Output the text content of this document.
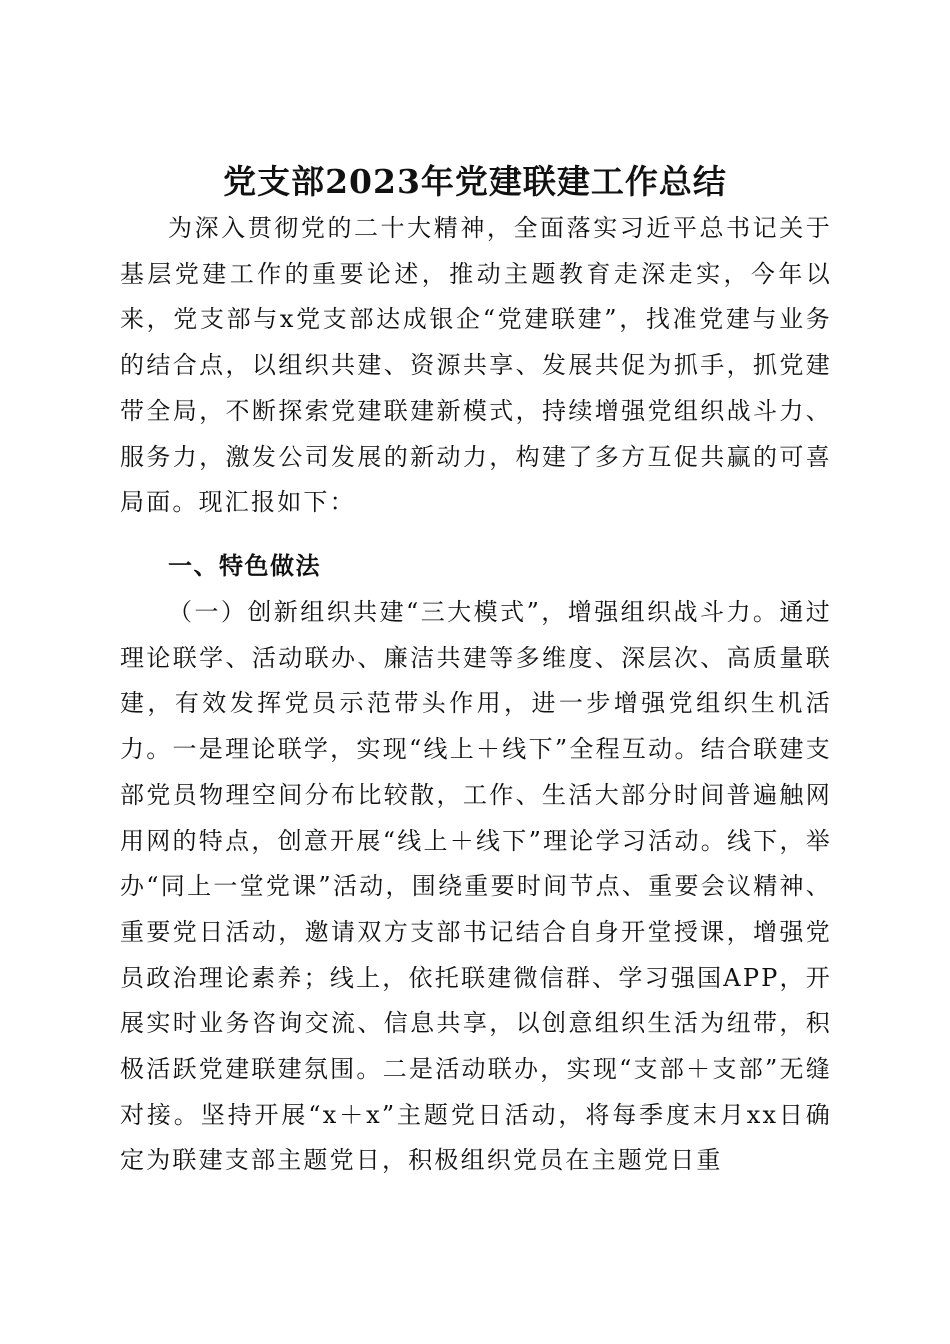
党支部2023年党建联建工作总结

为深入贯彻党的二十大精神，全面落实习近平总书记关于基层党建工作的重要论述，推动主题教育走深走实，今年以来，党支部与x党支部达成银企“党建联建”，找准党建与业务的结合点，以组织共建、资源共享、发展共促为抓手，抓党建带全局，不断探索党建联建新模式，持续增强党组织战斗力、服务力，激发公司发展的新动力，构建了多方互促共赢的可喜局面。现汇报如下：

一、特色做法

（一）创新组织共建“三大模式”，增强组织战斗力。通过理论联学、活动联办、廉洁共建等多维度、深层次、高质量联建，有效发挥党员示范带头作用，进一步增强党组织生机活力。一是理论联学，实现“线上＋线下”全程互动。结合联建支部党员物理空间分布比较散，工作、生活大部分时间普遍触网用网的特点，创意开展“线上＋线下”理论学习活动。线下，举办“同上一堂党课”活动，围绕重要时间节点、重要会议精神、重要党日活动，邀请双方支部书记结合自身开堂授课，增强党员政治理论素养；线上，依托联建微信群、学习强国APP，开展实时业务咨询交流、信息共享，以创意组织生活为纽带，积极活跃党建联建氛围。二是活动联办，实现“支部＋支部”无缝对接。坚持开展“x＋x”主题党日活动，将每季度末月xx日确定为联建支部主题党日，积极组织党员在主题党日重
